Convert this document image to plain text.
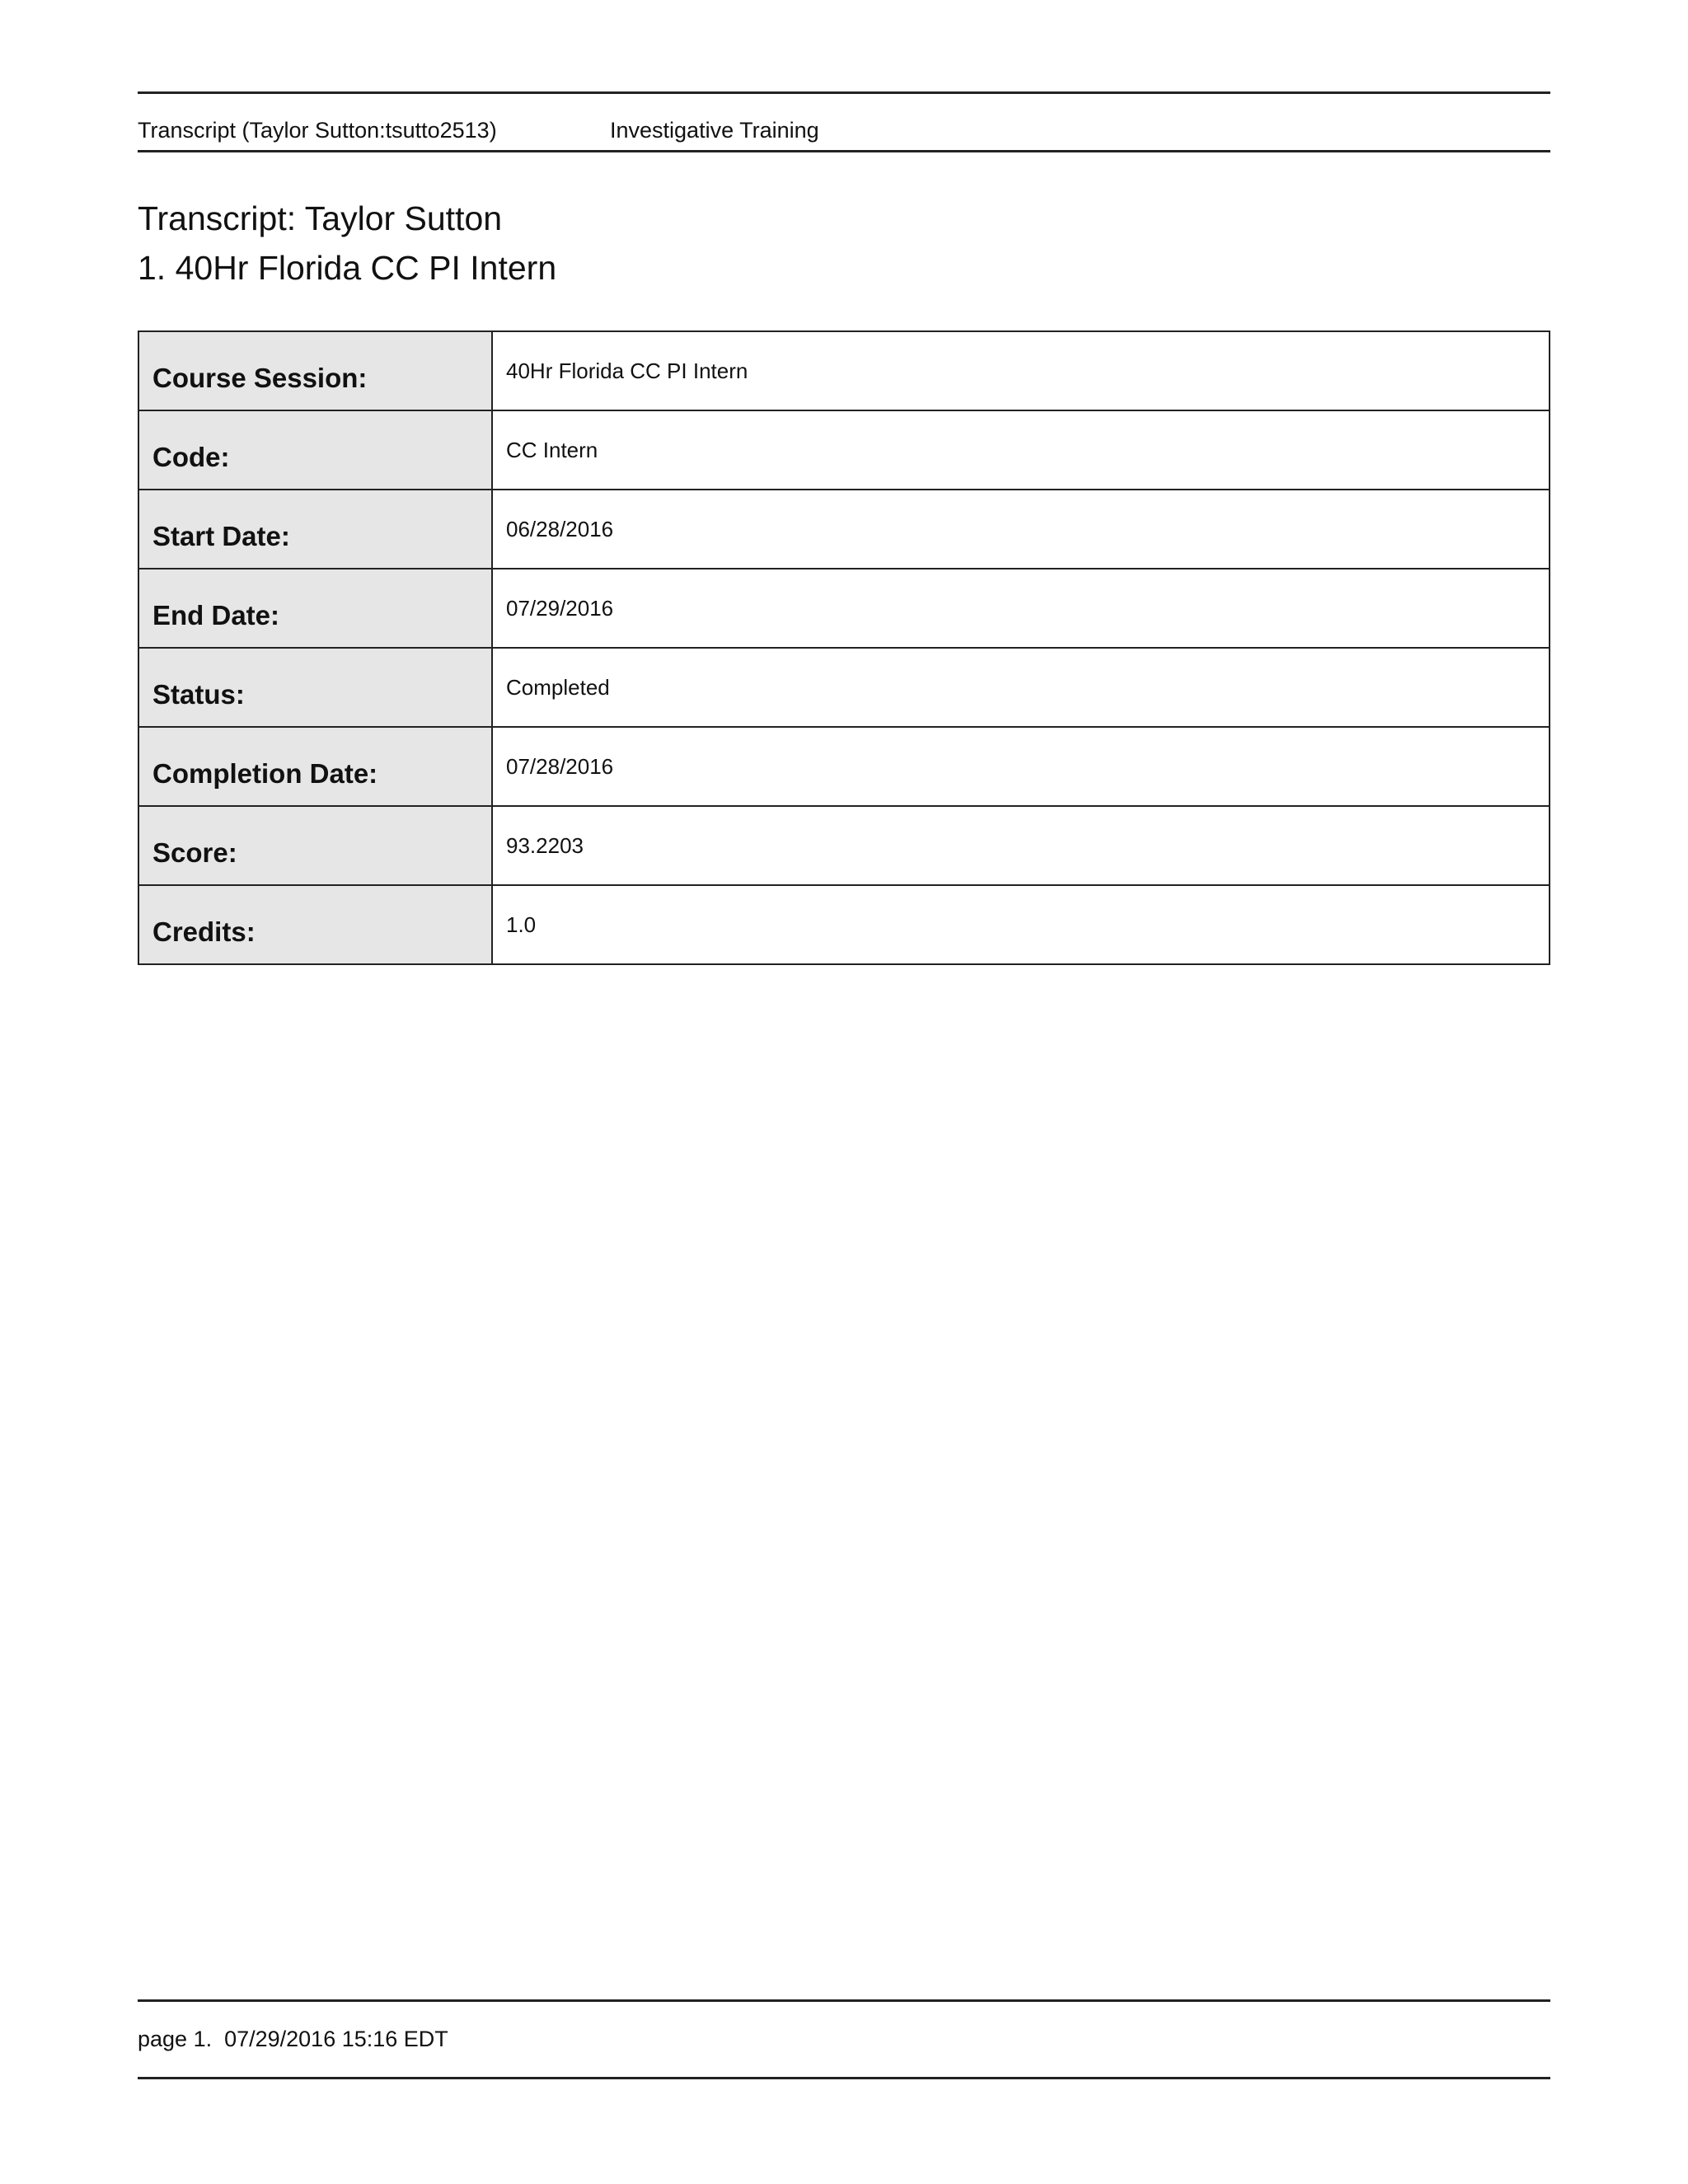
Transcript (Taylor Sutton:tsutto2513)	Investigative Training
Transcript: Taylor Sutton
1. 40Hr Florida CC PI Intern
Course Session:	40Hr Florida CC PI Intern
Code:	CC Intern
Start Date:	06/28/2016
End Date:	07/29/2016
Status:	Completed
Completion Date:	07/28/2016
Score:	93.2203
Credits:	1.0
page 1.  07/29/2016 15:16 EDT
